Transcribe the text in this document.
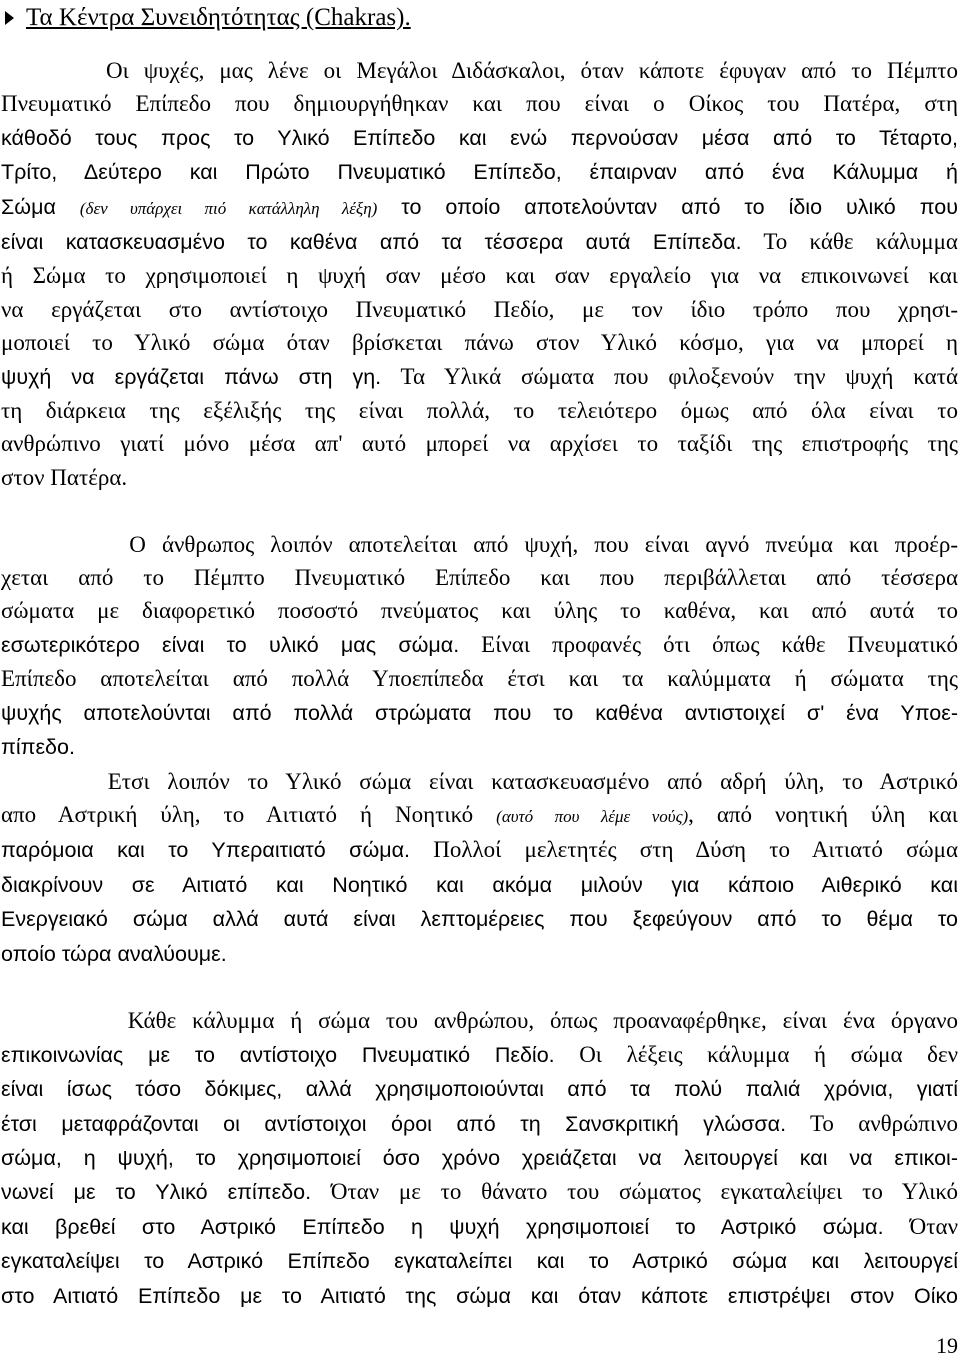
Τα Κέντρα Συνειδητότητας (Chakras).
Οι ψυχές, μας λένε οι Μεγάλοι Διδάσκαλοι, όταν κάποτε έφυγαν από το Πέμπτο
Πνευματικό Επίπεδο που δημιουργήθηκαν και που είναι ο Οίκος του Πατέρα, στη
κάθοδό τους προς το Υλικό Επίπεδο και ενώ περνούσαν μέσα από το Τέταρτο,
Τρίτο, Δεύτερο και Πρώτο Πνευματικό Επίπεδο, έπαιρναν από ένα Κάλυμμα ή
Σώμα (δεν υπάρχει πιό κατάλληλη λέξη) το οποίο αποτελούνταν από το ίδιο υλικό που
είναι κατασκευασμένο το καθένα από τα τέσσερα αυτά Επίπεδα. Το κάθε κάλυμμα
ή Σώμα το χρησιμοποιεί η ψυχή σαν μέσο και σαν εργαλείο για να επικοινωνεί και
να εργάζεται στο αντίστοιχο Πνευματικό Πεδίο, με τον ίδιο τρόπο που χρησι-
μοποιεί το Υλικό σώμα όταν βρίσκεται πάνω στον Υλικό κόσμο, για να μπορεί η
ψυχή να εργάζεται πάνω στη γη. Τα Υλικά σώματα που φιλοξενούν την ψυχή κατά
τη διάρκεια της εξέλιξής της είναι πολλά, το τελειότερο όμως από όλα είναι το
ανθρώπινο γιατί μόνο μέσα απ' αυτό μπορεί να αρχίσει το ταξίδι της επιστροφής της
στον Πατέρα.
Ο άνθρωπος λοιπόν αποτελείται από ψυχή, που είναι αγνό πνεύμα και προέρ-
χεται από το Πέμπτο Πνευματικό Επίπεδο και που περιβάλλεται από τέσσερα
σώματα με διαφορετικό ποσοστό πνεύματος και ύλης το καθένα, και από αυτά το
εσωτερικότερο είναι το υλικό μας σώμα. Είναι προφανές ότι όπως κάθε Πνευματικό
Επίπεδο αποτελείται από πολλά Υποεπίπεδα έτσι και τα καλύμματα ή σώματα της
ψυχής αποτελούνται από πολλά στρώματα που το καθένα αντιστοιχεί σ' ένα Υποε-
πίπεδο.
Ετσι λοιπόν το Υλικό σώμα είναι κατασκευασμένο από αδρή ύλη, το Αστρικό
απο Αστρική ύλη, το Αιτιατό ή Νοητικό (αυτό που λέμε νούς), από νοητική ύλη και
παρόμοια και το Υπεραιτιατό σώμα. Πολλοί μελετητές στη Δύση το Αιτιατό σώμα
διακρίνουν σε Αιτιατό και Νοητικό και ακόμα μιλούν για κάποιο Αιθερικό και
Ενεργειακό σώμα αλλά αυτά είναι λεπτομέρειες που ξεφεύγουν από το θέμα το
οποίο τώρα αναλύουμε.
Κάθε κάλυμμα ή σώμα του ανθρώπου, όπως προαναφέρθηκε, είναι ένα όργανο
επικοινωνίας με το αντίστοιχο Πνευματικό Πεδίο. Οι λέξεις κάλυμμα ή σώμα δεν
είναι ίσως τόσο δόκιμες, αλλά χρησιμοποιούνται από τα πολύ παλιά χρόνια, γιατί
έτσι μεταφράζονται οι αντίστοιχοι όροι από τη Σανσκριτική γλώσσα. Το ανθρώπινο
σώμα, η ψυχή, το χρησιμοποιεί όσο χρόνο χρειάζεται να λειτουργεί και να επικοι-
νωνεί με το Υλικό επίπεδο. Όταν με το θάνατο του σώματος εγκαταλείψει το Υλικό
και βρεθεί στο Αστρικό Επίπεδο η ψυχή χρησιμοποιεί το Αστρικό σώμα. Όταν
εγκαταλείψει το Αστρικό Επίπεδο εγκαταλείπει και το Αστρικό σώμα και λειτουργεί
στο Αιτιατό Επίπεδο με το Αιτιατό της σώμα και όταν κάποτε επιστρέψει στον Οίκο
19
